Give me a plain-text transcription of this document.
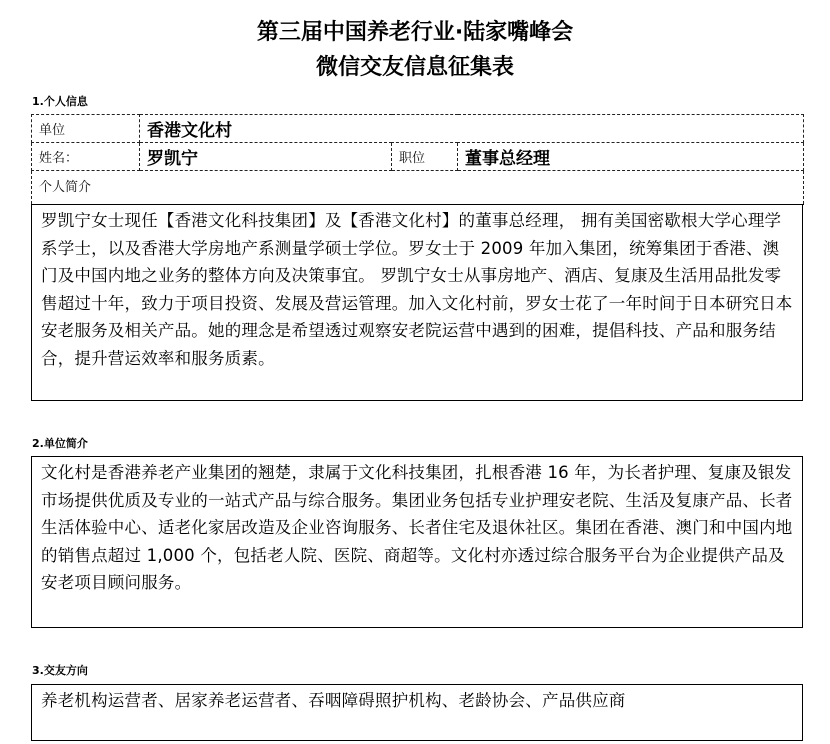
第三届中国养老行业·陆家嘴峰会
微信交友信息征集表
1.个人信息
单位	香港文化村		
姓名：	罗凯宁	职位	董事总经理
个人简介			
罗凯宁女士现任【香港文化科技集团】及【香港文化村】的董事总经理， 拥有美国密歇根大学心理学系学士，以及香港大学房地产系测量学硕士学位。罗女士于 2009 年加入集团，统筹集团于香港、澳门及中国内地之业务的整体方向及决策事宜。 罗凯宁女士从事房地产、酒店、复康及生活用品批发零售超过十年，致力于项目投资、发展及营运管理。加入文化村前，罗女士花了一年时间于日本研究日本安老服务及相关产品。她的理念是希望透过观察安老院运营中遇到的困难，提倡科技、产品和服务结合，提升营运效率和服务质素。
2.单位简介
文化村是香港养老产业集团的翘楚，隶属于文化科技集团，扎根香港 16 年，为长者护理、复康及银发市场提供优质及专业的一站式产品与综合服务。集团业务包括专业护理安老院、生活及复康产品、长者生活体验中心、适老化家居改造及企业咨询服务、长者住宅及退休社区。集团在香港、澳门和中国内地的销售点超过 1,000 个，包括老人院、医院、商超等。文化村亦透过综合服务平台为企业提供产品及安老项目顾问服务。
3.交友方向
养老机构运营者、居家养老运营者、吞咽障碍照护机构、老龄协会、产品供应商
